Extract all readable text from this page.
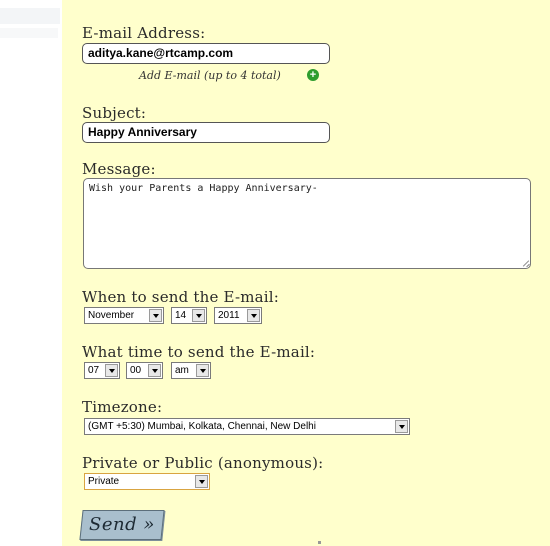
E-mail Address:
aditya.kane@rtcamp.com
Add E-mail (up to 4 total)	+
Subject:
Happy Anniversary
Message:
Wish your Parents a Happy Anniversary-
When to send the E-mail:
November	14	2011
What time to send the E-mail:
07	00	am
Timezone:
(GMT +5:30) Mumbai, Kolkata, Chennai, New Delhi
Private or Public (anonymous):
Private
Send »
